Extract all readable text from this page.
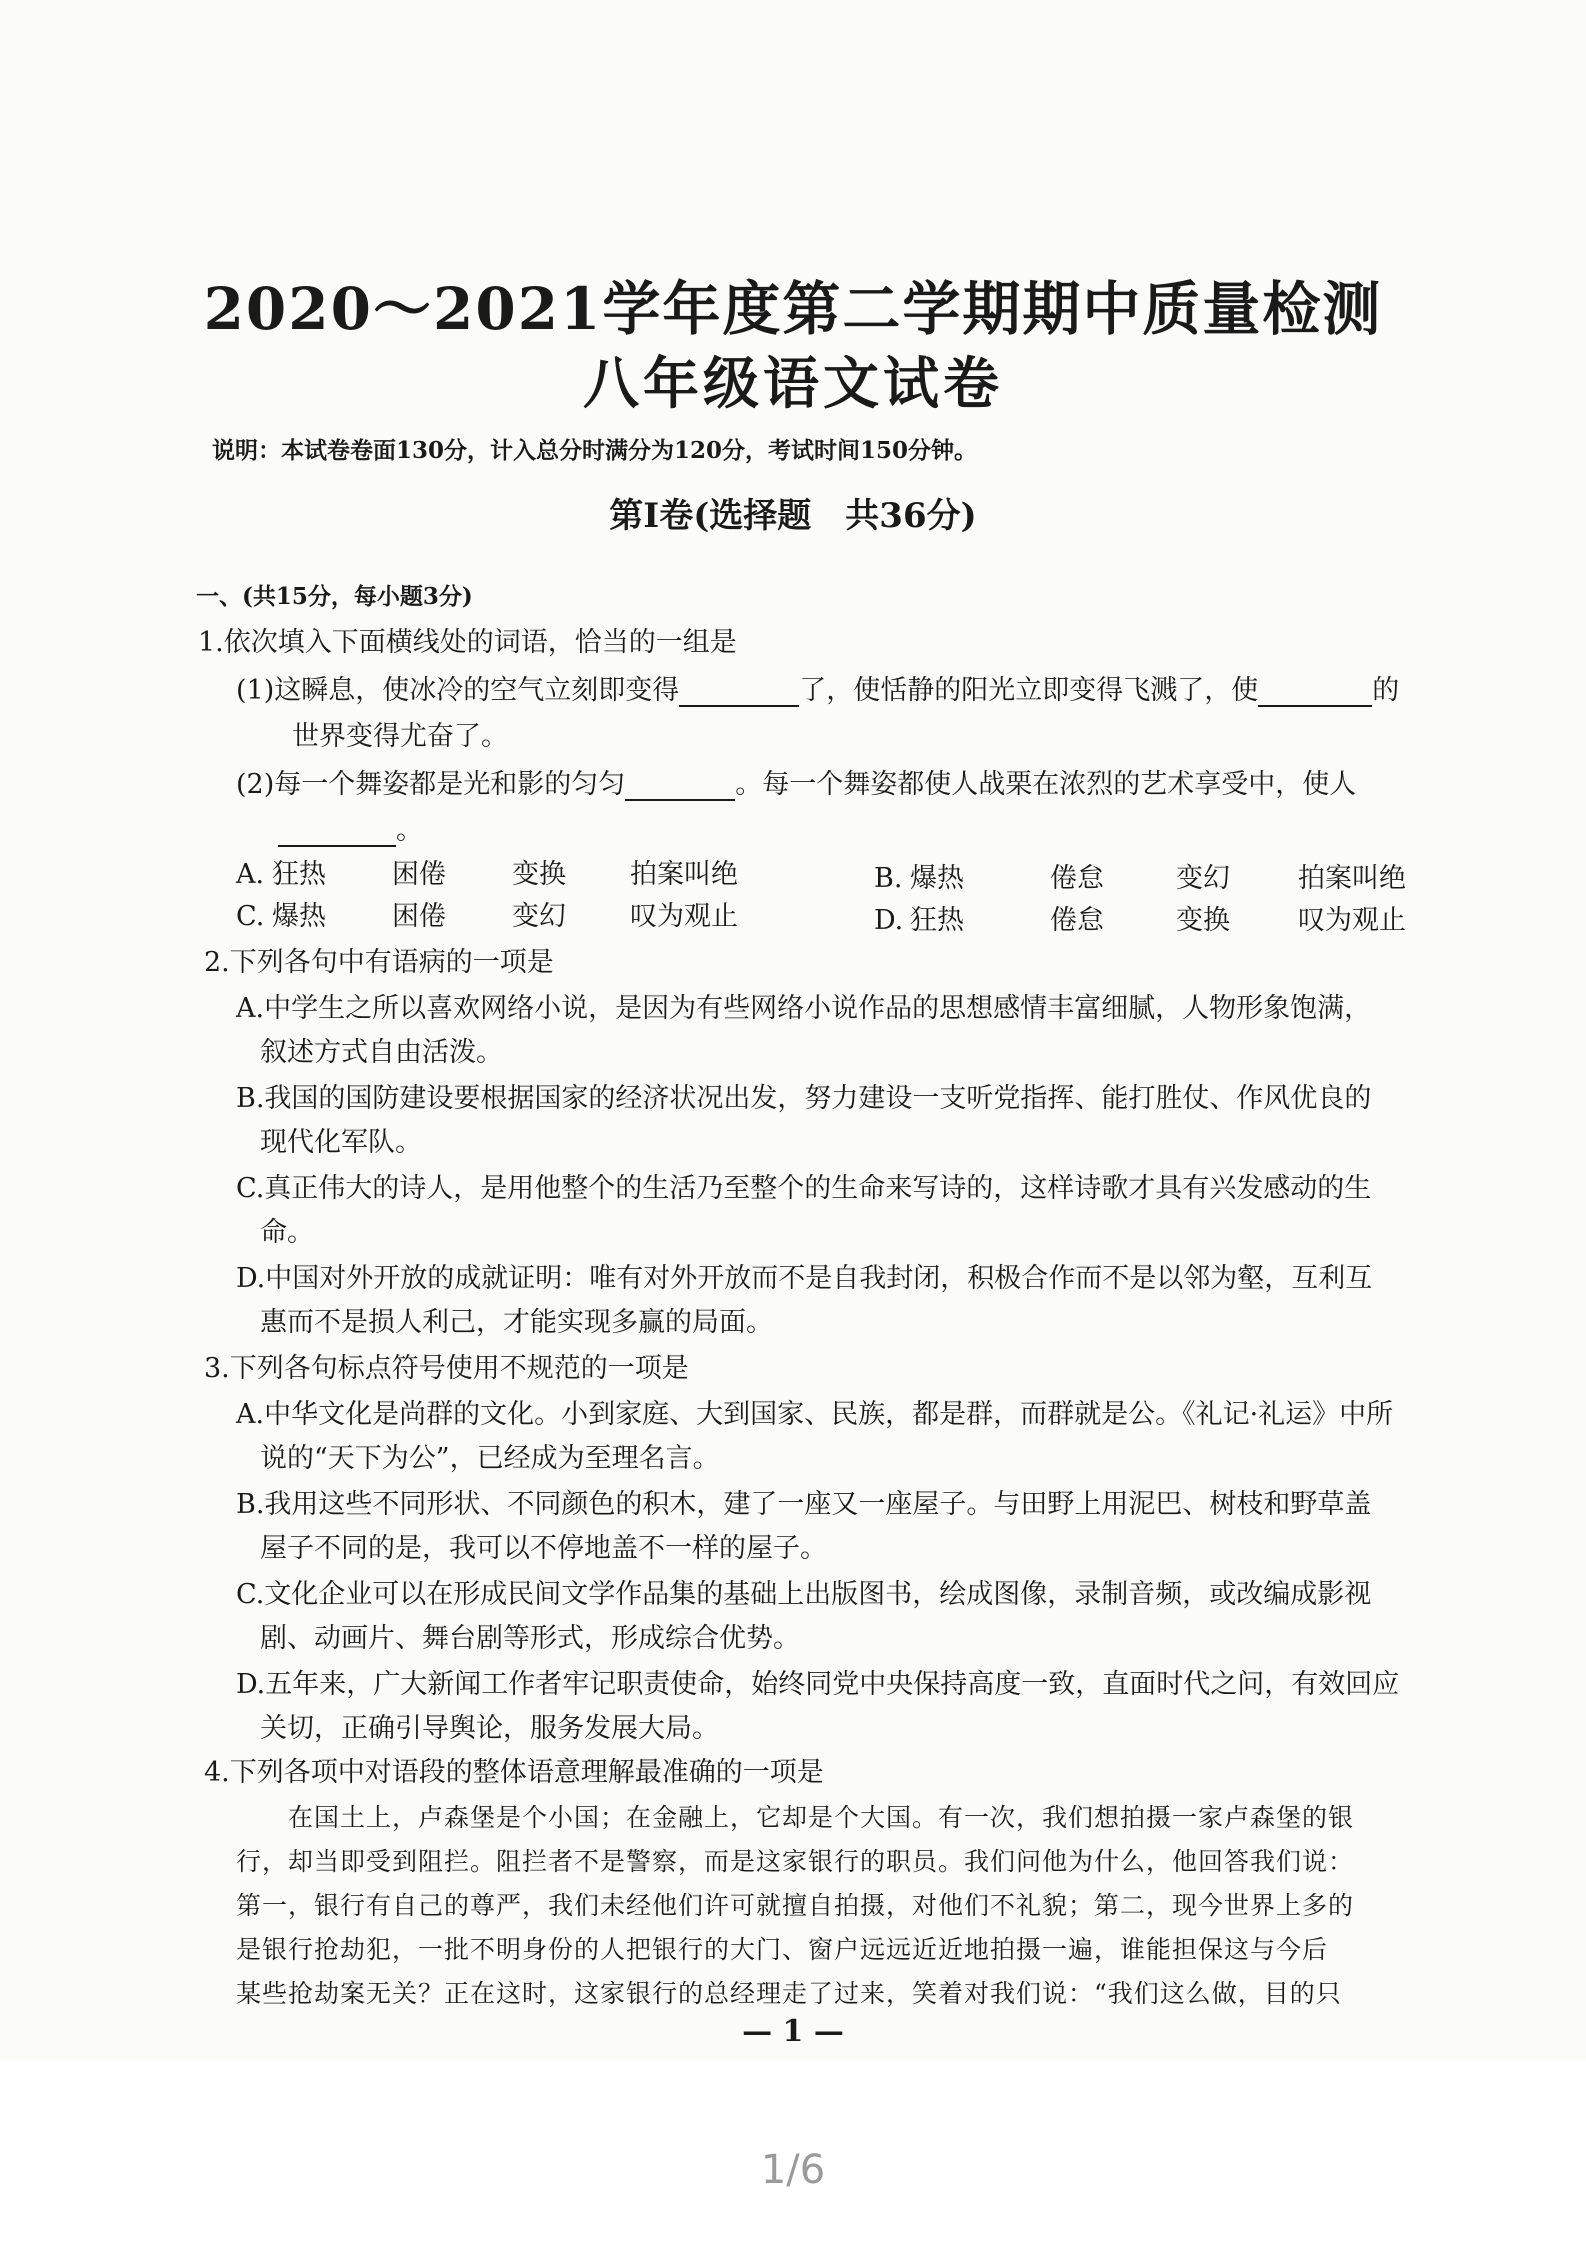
2020～2021学年度第二学期期中质量检测
八年级语文试卷
说明：本试卷卷面130分，计入总分时满分为120分，考试时间150分钟。
第Ⅰ卷(选择题　共36分)
一、(共15分，每小题3分)
1.依次填入下面横线处的词语，恰当的一组是
(1)这瞬息，使冰冷的空气立刻即变得	了，使恬静的阳光立即变得飞溅了，使	的
世界变得尤奋了。
(2)每一个舞姿都是光和影的匀匀	。每一个舞姿都使人战栗在浓烈的艺术享受中，使人
。
A. 狂热 困倦 变换 拍案叫绝	B. 爆热	倦怠	变幻	拍案叫绝
C. 爆热 困倦 变幻 叹为观止	D. 狂热	倦怠	变换	叹为观止
2.下列各句中有语病的一项是
A.中学生之所以喜欢网络小说，是因为有些网络小说作品的思想感情丰富细腻，人物形象饱满，
叙述方式自由活泼。
B.我国的国防建设要根据国家的经济状况出发，努力建设一支听党指挥、能打胜仗、作风优良的
现代化军队。
C.真正伟大的诗人，是用他整个的生活乃至整个的生命来写诗的，这样诗歌才具有兴发感动的生
命。
D.中国对外开放的成就证明：唯有对外开放而不是自我封闭，积极合作而不是以邻为壑，互利互
惠而不是损人利己，才能实现多赢的局面。
3.下列各句标点符号使用不规范的一项是
A.中华文化是尚群的文化。小到家庭、大到国家、民族，都是群，而群就是公。《礼记·礼运》中所
说的“天下为公”，已经成为至理名言。
B.我用这些不同形状、不同颜色的积木，建了一座又一座屋子。与田野上用泥巴、树枝和野草盖
屋子不同的是，我可以不停地盖不一样的屋子。
C.文化企业可以在形成民间文学作品集的基础上出版图书，绘成图像，录制音频，或改编成影视
剧、动画片、舞台剧等形式，形成综合优势。
D.五年来，广大新闻工作者牢记职责使命，始终同党中央保持高度一致，直面时代之问，有效回应
关切，正确引导舆论，服务发展大局。
4.下列各项中对语段的整体语意理解最准确的一项是
在国土上，卢森堡是个小国；在金融上，它却是个大国。有一次，我们想拍摄一家卢森堡的银
行，却当即受到阻拦。阻拦者不是警察，而是这家银行的职员。我们问他为什么，他回答我们说：
第一，银行有自己的尊严，我们未经他们许可就擅自拍摄，对他们不礼貌；第二，现今世界上多的
是银行抢劫犯，一批不明身份的人把银行的大门、窗户远远近近地拍摄一遍，谁能担保这与今后
某些抢劫案无关？正在这时，这家银行的总经理走了过来，笑着对我们说：“我们这么做，目的只
— 1 —
1/6
